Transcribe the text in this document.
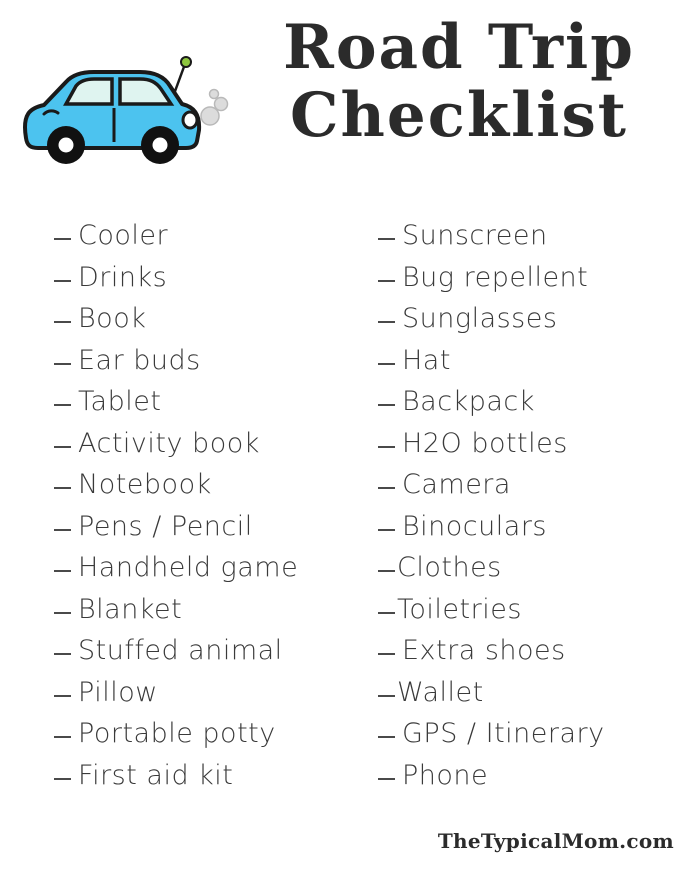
Road Trip
Checklist
Cooler
Drinks
Book
Ear buds
Tablet
Activity book
Notebook
Pens / Pencil
Handheld game
Blanket
Stuffed animal
Pillow
Portable potty
First aid kit
Sunscreen
Bug repellent
Sunglasses
Hat
Backpack
H2O bottles
Camera
Binoculars
Clothes
Toiletries
Extra shoes
Wallet
GPS / Itinerary
Phone
TheTypicalMom.com
